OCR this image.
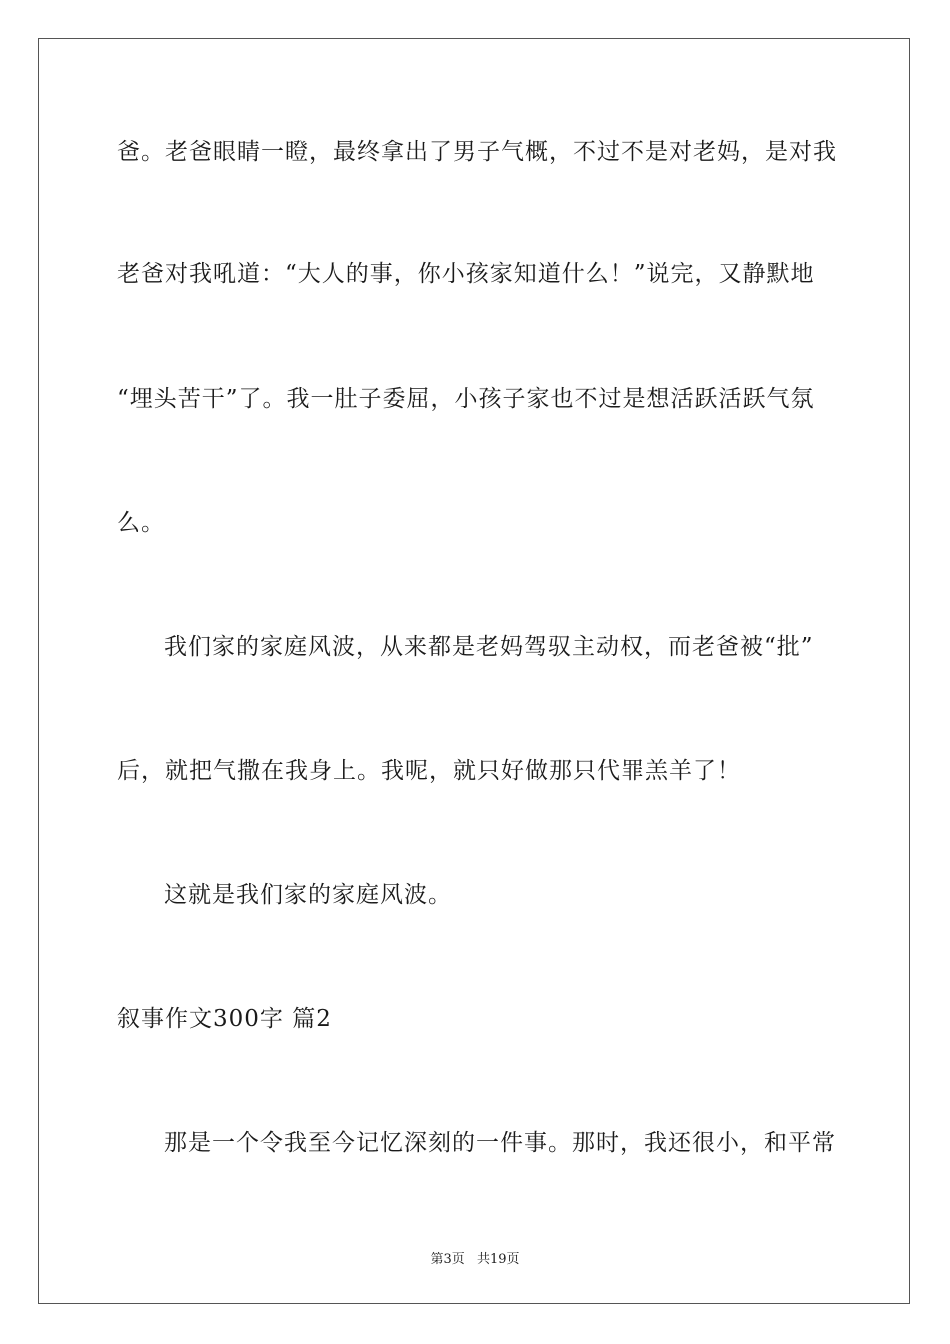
爸。老爸眼睛一瞪，最终拿出了男子气概，不过不是对老妈，是对我
老爸对我吼道：“大人的事，你小孩家知道什么！”说完，又静默地
“埋头苦干”了。我一肚子委屈，小孩子家也不过是想活跃活跃气氛
么。
我们家的家庭风波，从来都是老妈驾驭主动权，而老爸被“批”
后，就把气撒在我身上。我呢，就只好做那只代罪羔羊了！
这就是我们家的家庭风波。
叙事作文300字 篇2
那是一个令我至今记忆深刻的一件事。那时，我还很小，和平常
第3页 共19页
